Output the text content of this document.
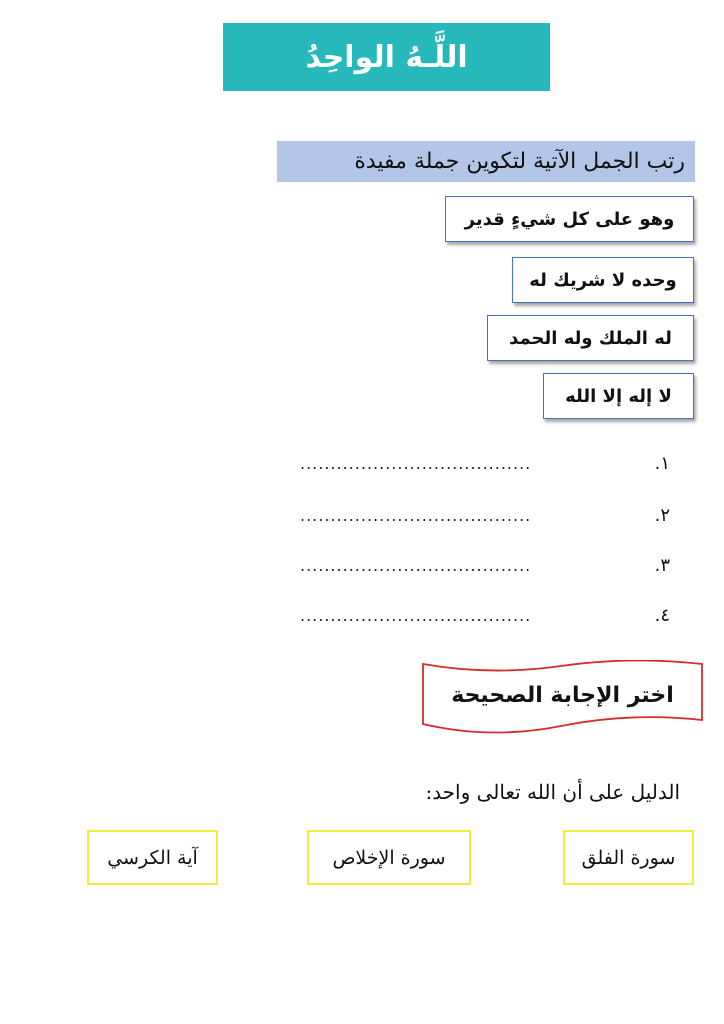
اللَّـهُ الواحِدُ
رتب الجمل الآتية لتكوين جملة مفيدة
وهو على كل شيءٍ قدير
وحده لا شريك له
له الملك وله الحمد
لا إله إلا الله
١.
......................................
٢.
......................................
٣.
......................................
٤.
......................................
اختر الإجابة الصحيحة
الدليل على أن الله تعالى واحد:
سورة الفلق
سورة الإخلاص
آية الكرسي
